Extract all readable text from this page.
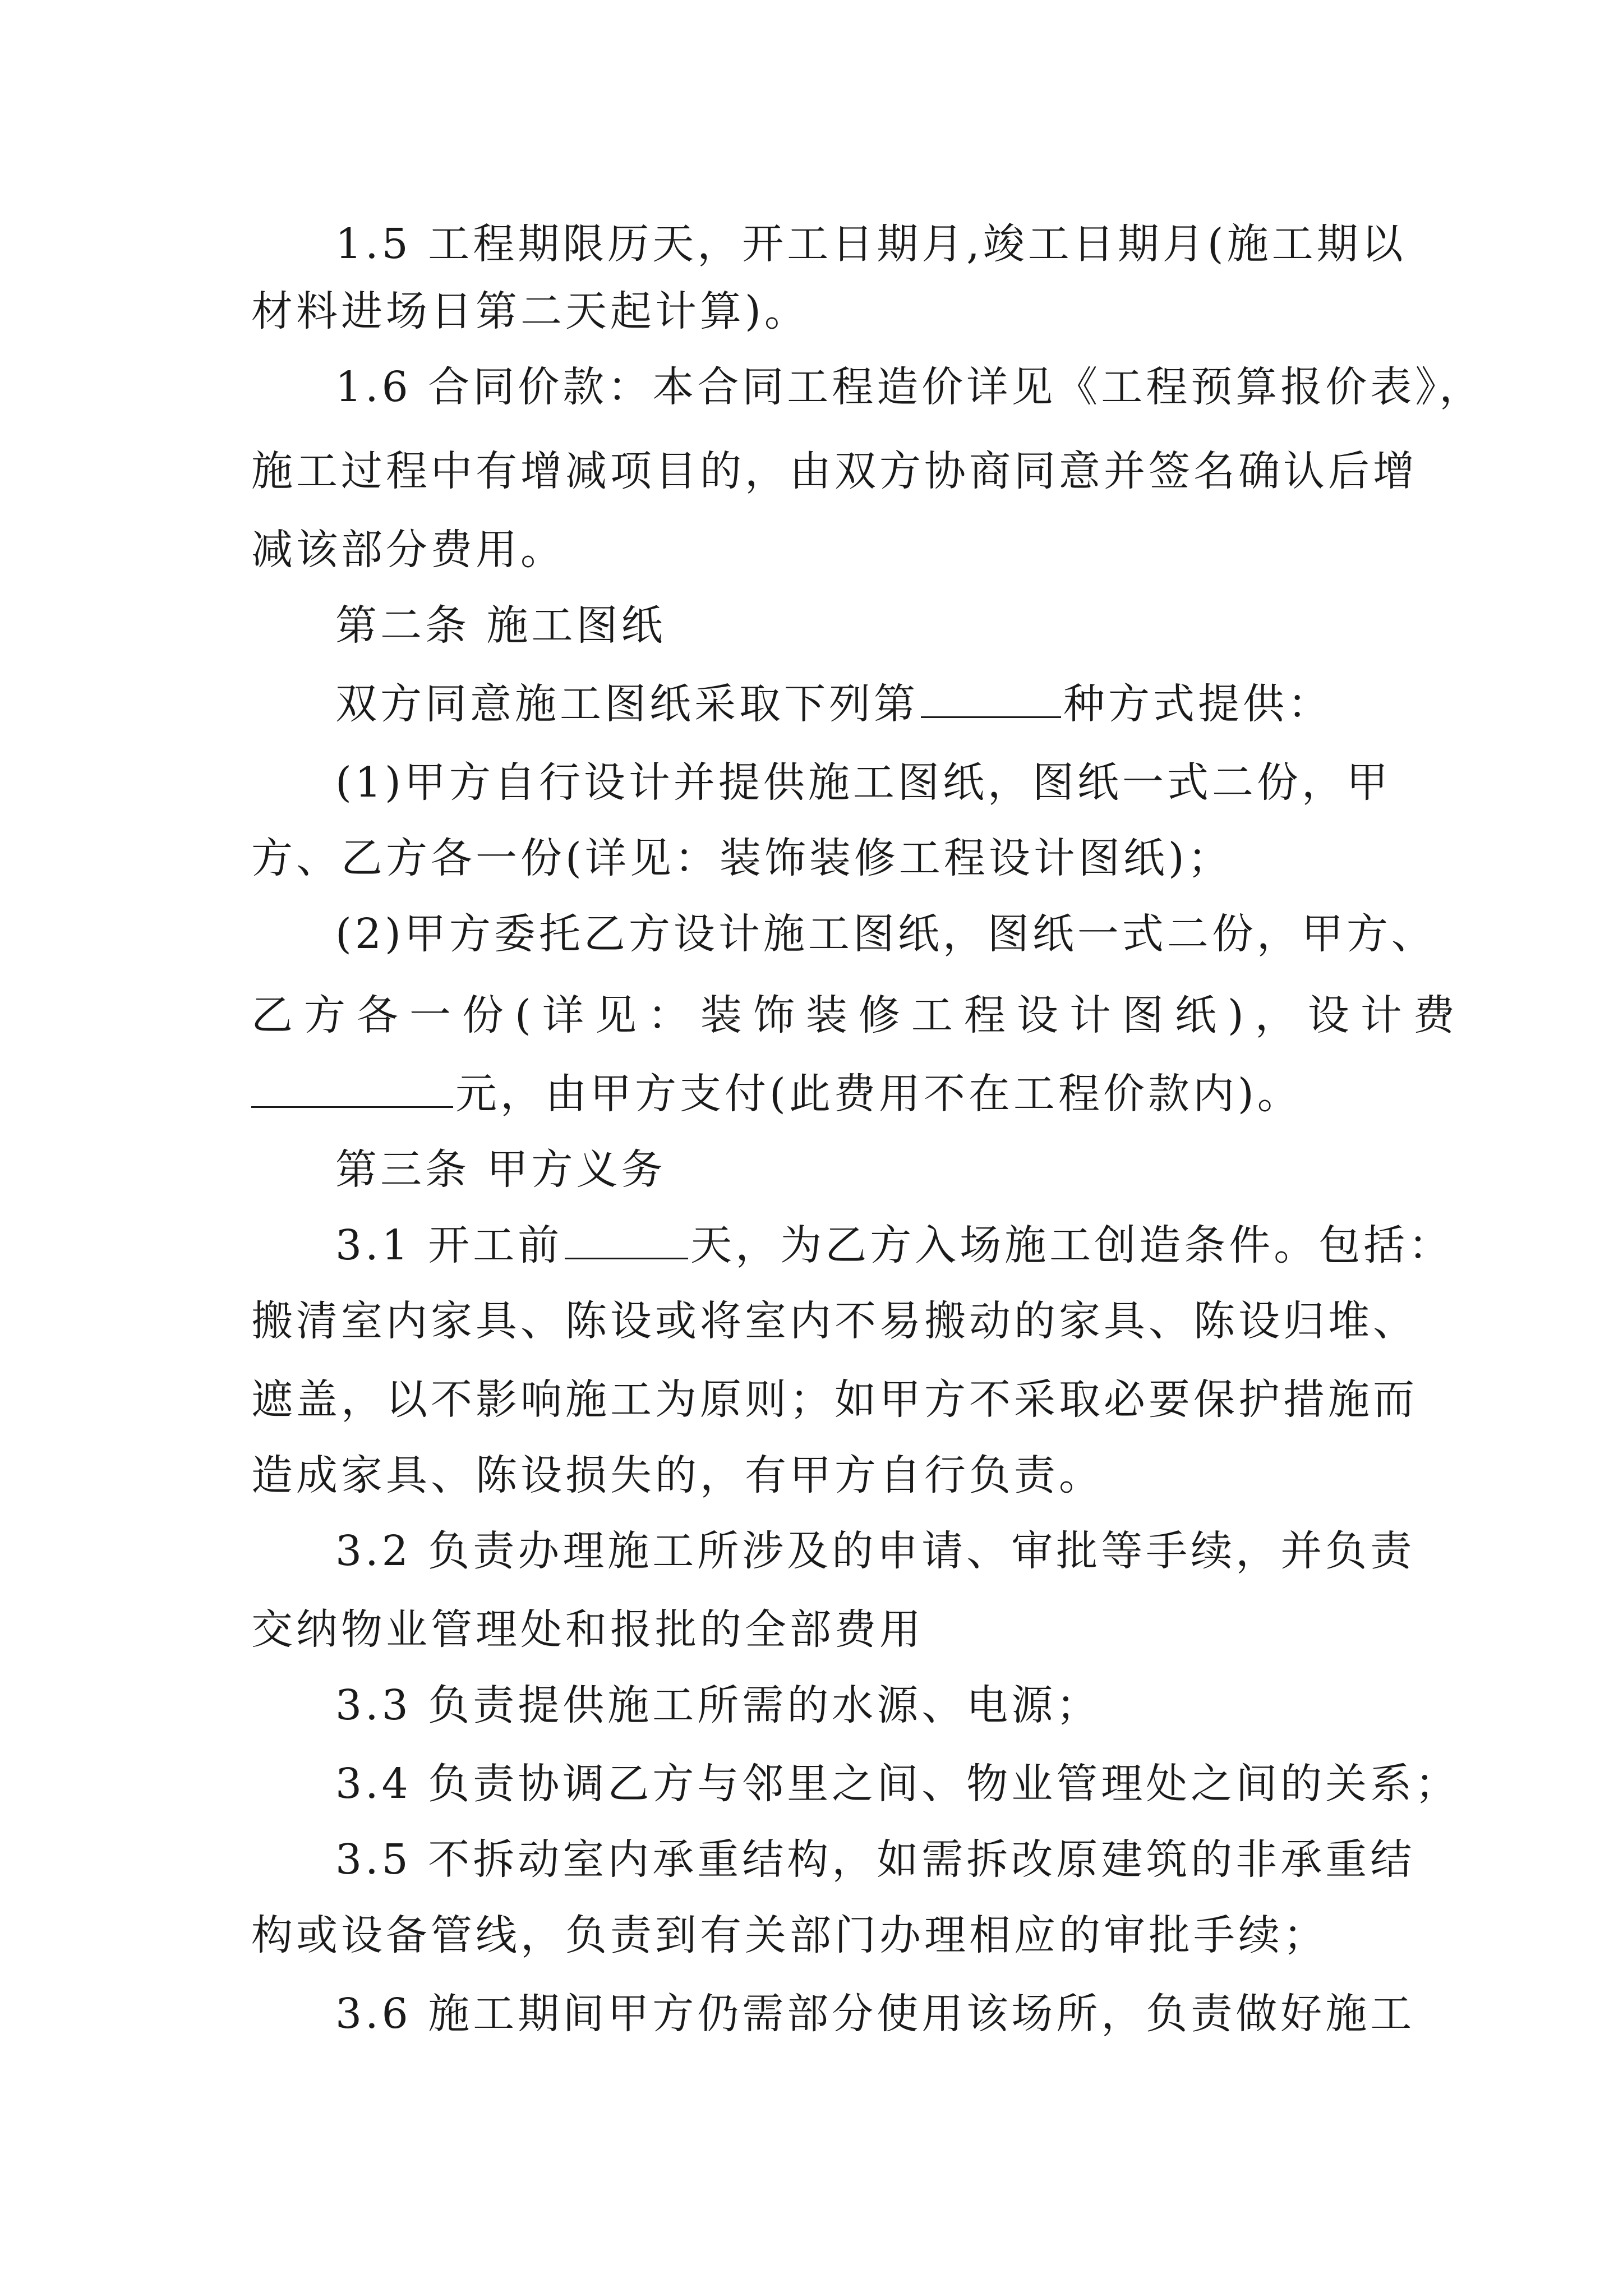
1.5 工程期限历天，开工日期月,竣工日期月(施工期以

材料进场日第二天起计算)。

1.6 合同价款：本合同工程造价详见《工程预算报价表》，

施工过程中有增减项目的，由双方协商同意并签名确认后增

减该部分费用。

第二条 施工图纸

双方同意施工图纸采取下列第	种方式提供：

(1)甲方自行设计并提供施工图纸，图纸一式二份，甲

方、乙方各一份(详见：装饰装修工程设计图纸)；

(2)甲方委托乙方设计施工图纸，图纸一式二份，甲方、

乙方各一份(详见：装饰装修工程设计图纸)，设计费

元，由甲方支付(此费用不在工程价款内)。

第三条 甲方义务

3.1 开工前	天，为乙方入场施工创造条件。包括：

搬清室内家具、陈设或将室内不易搬动的家具、陈设归堆、

遮盖，以不影响施工为原则；如甲方不采取必要保护措施而

造成家具、陈设损失的，有甲方自行负责。

3.2 负责办理施工所涉及的申请、审批等手续，并负责

交纳物业管理处和报批的全部费用

3.3 负责提供施工所需的水源、电源；

3.4 负责协调乙方与邻里之间、物业管理处之间的关系；

3.5 不拆动室内承重结构，如需拆改原建筑的非承重结

构或设备管线，负责到有关部门办理相应的审批手续；

3.6 施工期间甲方仍需部分使用该场所，负责做好施工
